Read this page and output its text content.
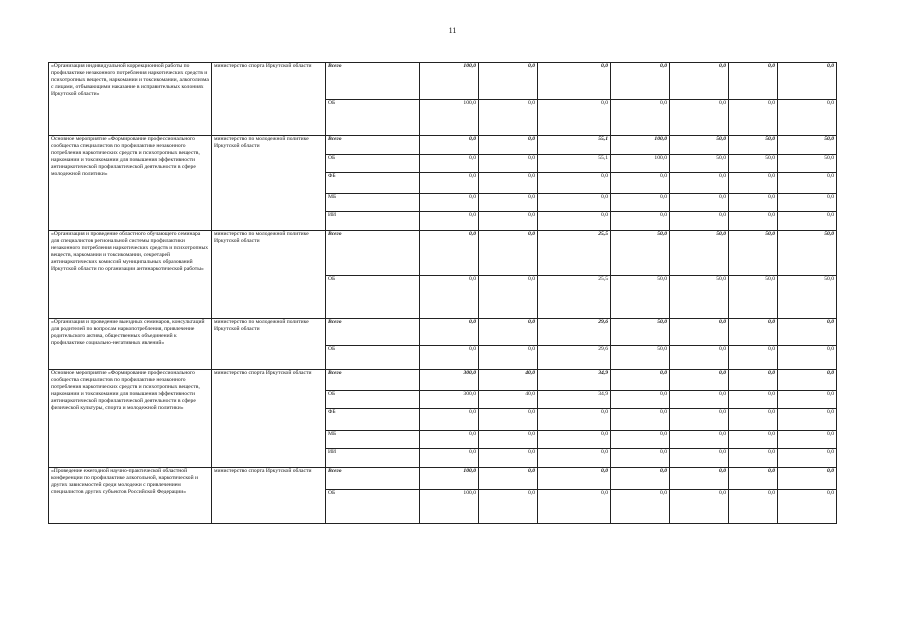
11
«Организация индивидуальной коррекционной работы по профилактике незаконного потребления наркотических средств и психотропных веществ, наркомании и токсикомании, алкоголизма с лицами, отбывающими наказание в исправительных колониях Иркутской области»	министерство спорта Иркутской области	Всего	100,0	0,0	0,0	0,0	0,0	0,0	0,0
		ОБ	100,0	0,0	0,0	0,0	0,0	0,0	0,0
Основное мероприятие «Формирование профессионального сообщества специалистов по профилактике незаконного потребления наркотических средств и психотропных веществ, наркомании и токсикомании для повышения эффективности антинаркотической профилактической деятельности в сфере молодежной политики»	министерство по молодежной политике Иркутской области	Всего	0,0	0,0	55,1	100,0	50,0	50,0	50,0
		ОБ	0,0	0,0	55,1	100,0	50,0	50,0	50,0
		ФБ	0,0	0,0	0,0	0,0	0,0	0,0	0,0
		МБ	0,0	0,0	0,0	0,0	0,0	0,0	0,0
		ИИ	0,0	0,0	0,0	0,0	0,0	0,0	0,0
«Организация и проведение областного обучающего семинара для специалистов региональной системы профилактики незаконного потребления наркотических средств и психотропных веществ, наркомании и токсикомании, секретарей антинаркотических комиссий муниципальных образований Иркутской области по организации антинаркотической работы»	министерство по молодежной политике Иркутской области	Всего	0,0	0,0	25,5	50,0	50,0	50,0	50,0
		ОБ	0,0	0,0	25,5	50,0	50,0	50,0	50,0
«Организация и проведение выездных семинаров, консультаций для родителей по вопросам наркопотребления, привлечение родительского актива, общественных объединений к профилактике социально-негативных явлений»	министерство по молодежной политике Иркутской области	Всего	0,0	0,0	29,6	50,0	0,0	0,0	0,0
		ОБ	0,0	0,0	29,6	50,0	0,0	0,0	0,0
Основное мероприятие «Формирование профессионального сообщества специалистов по профилактике незаконного потребления наркотических средств и психотропных веществ, наркомании и токсикомании для повышения эффективности антинаркотической профилактической деятельности в сфере физической культуры, спорта и молодежной политики»	министерство спорта Иркутской области	Всего	300,0	40,0	34,9	0,0	0,0	0,0	0,0
		ОБ	300,0	40,0	34,9	0,0	0,0	0,0	0,0
		ФБ	0,0	0,0	0,0	0,0	0,0	0,0	0,0
		МБ	0,0	0,0	0,0	0,0	0,0	0,0	0,0
		ИИ	0,0	0,0	0,0	0,0	0,0	0,0	0,0
«Проведение ежегодной научно-практической областной конференции по профилактике алкогольной, наркотической и других зависимостей среди молодежи с привлечением специалистов других субъектов Российской Федерации»	министерство спорта Иркутской области	Всего	100,0	0,0	0,0	0,0	0,0	0,0	0,0
		ОБ	100,0	0,0	0,0	0,0	0,0	0,0	0,0
